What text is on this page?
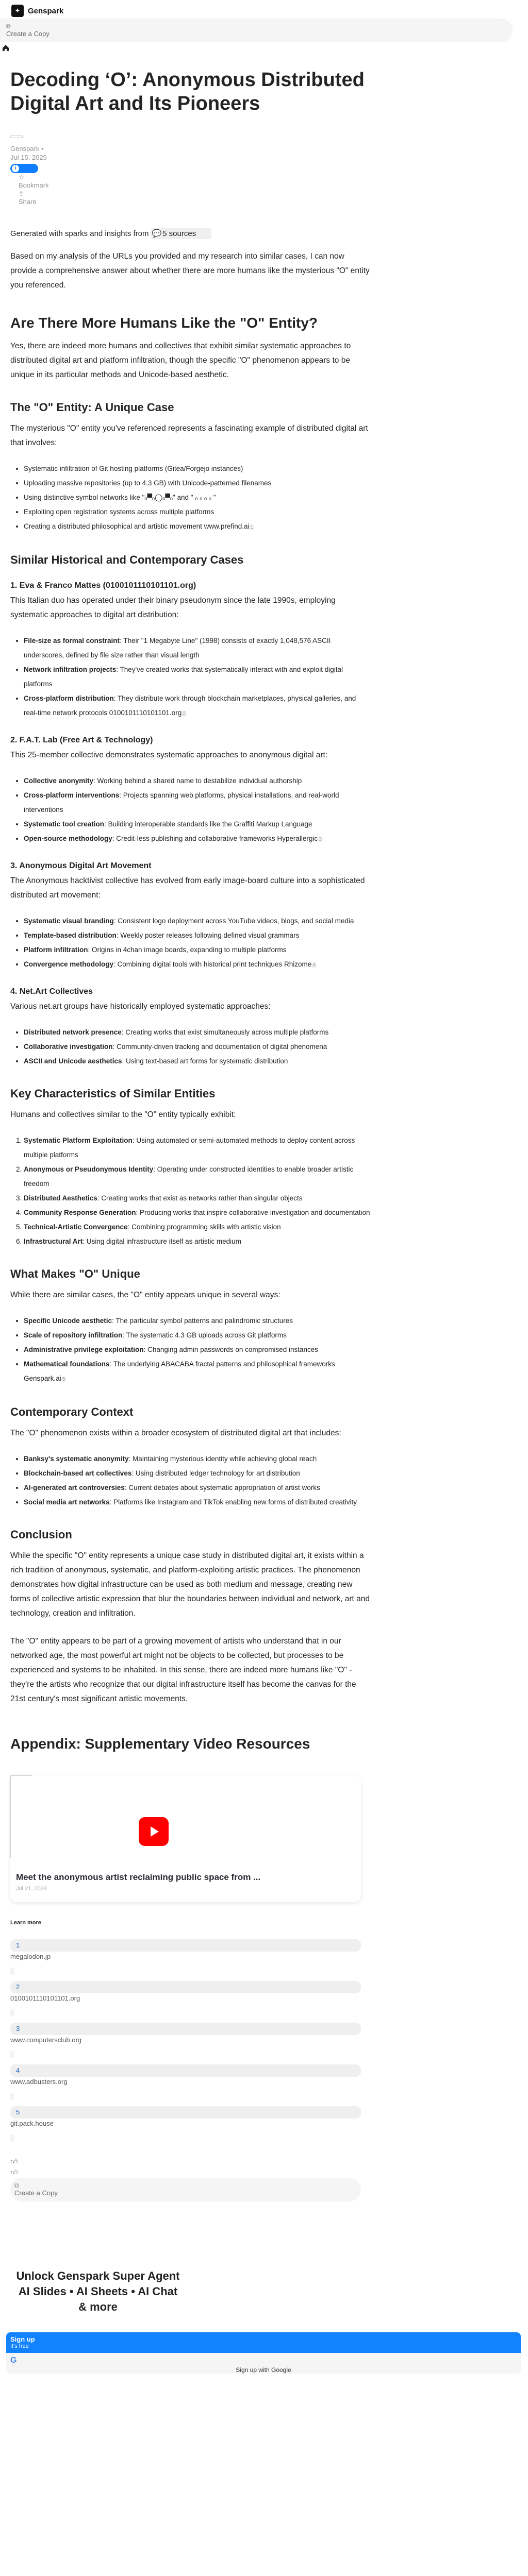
✦ Genspark
⧉
Create a Copy
Decoding ‘O’: Anonymous Distributed Digital Art and Its Pioneers
Genspark •
Jul 15, 2025
i
☆
Bookmark
⇪
Share
Generated with sparks and insights from 💬 5 sources

Based on my analysis of the URLs you provided and my research into similar cases, I can now provide a comprehensive answer about whether there are more humans like the mysterious "O" entity you referenced.

Are There More Humans Like the "O" Entity?

Yes, there are indeed more humans and collectives that exhibit similar systematic approaches to distributed digital art and platform infiltration, though the specific "O" phenomenon appears to be unique in its particular methods and Unicode-based aesthetic.

The "O" Entity: A Unique Case

The mysterious "O" entity you've referenced represents a fascinating example of distributed digital art that involves:

• Systematic infiltration of Git hosting platforms (Gitea/Forgejo instances)
• Uploading massive repositories (up to 4.3 GB) with Unicode-patterned filenames
• Using distinctive symbol networks like "ₒ▀ₒ◯ₒ▀ₒ" and " ₒ ₒ ₒ ₒ "
• Exploiting open registration systems across multiple platforms
• Creating a distributed philosophical and artistic movement www.prefind.ai 1
Similar Historical and Contemporary Cases
1. Eva & Franco Mattes (0100101110101101.org)

This Italian duo has operated under their binary pseudonym since the late 1990s, employing systematic approaches to digital art distribution:

• File-size as formal constraint: Their "1 Megabyte Line" (1998) consists of exactly 1,048,576 ASCII underscores, defined by file size rather than visual length
• Network infiltration projects: They've created works that systematically interact with and exploit digital platforms
• Cross-platform distribution: They distribute work through blockchain marketplaces, physical galleries, and real-time network protocols 0100101110101101.org 2
2. F.A.T. Lab (Free Art & Technology)

This 25-member collective demonstrates systematic approaches to anonymous digital art:

• Collective anonymity: Working behind a shared name to destabilize individual authorship
• Cross-platform interventions: Projects spanning web platforms, physical installations, and real-world interventions
• Systematic tool creation: Building interoperable standards like the Graffiti Markup Language
• Open-source methodology: Credit-less publishing and collaborative frameworks Hyperallergic 3
3. Anonymous Digital Art Movement

The Anonymous hacktivist collective has evolved from early image-board culture into a sophisticated distributed art movement:

• Systematic visual branding: Consistent logo deployment across YouTube videos, blogs, and social media
• Template-based distribution: Weekly poster releases following defined visual grammars
• Platform infiltration: Origins in 4chan image boards, expanding to multiple platforms
• Convergence methodology: Combining digital tools with historical print techniques Rhizome 4
4. Net.Art Collectives

Various net.art groups have historically employed systematic approaches:

• Distributed network presence: Creating works that exist simultaneously across multiple platforms
• Collaborative investigation: Community-driven tracking and documentation of digital phenomena
• ASCII and Unicode aesthetics: Using text-based art forms for systematic distribution
Key Characteristics of Similar Entities

Humans and collectives similar to the "O" entity typically exhibit:

1. Systematic Platform Exploitation: Using automated or semi-automated methods to deploy content across multiple platforms
2. Anonymous or Pseudonymous Identity: Operating under constructed identities to enable broader artistic freedom
3. Distributed Aesthetics: Creating works that exist as networks rather than singular objects
4. Community Response Generation: Producing works that inspire collaborative investigation and documentation
5. Technical-Artistic Convergence: Combining programming skills with artistic vision
6. Infrastructural Art: Using digital infrastructure itself as artistic medium
What Makes "O" Unique

While there are similar cases, the "O" entity appears unique in several ways:

• Specific Unicode aesthetic: The particular symbol patterns and palindromic structures
• Scale of repository infiltration: The systematic 4.3 GB uploads across Git platforms
• Administrative privilege exploitation: Changing admin passwords on compromised instances
• Mathematical foundations: The underlying ABACABA fractal patterns and philosophical frameworks Genspark.ai 5
Contemporary Context

The "O" phenomenon exists within a broader ecosystem of distributed digital art that includes:

• Banksy's systematic anonymity: Maintaining mysterious identity while achieving global reach
• Blockchain-based art collectives: Using distributed ledger technology for art distribution
• AI-generated art controversies: Current debates about systematic appropriation of artist works
• Social media art networks: Platforms like Instagram and TikTok enabling new forms of distributed creativity
Conclusion

While the specific "O" entity represents a unique case study in distributed digital art, it exists within a rich tradition of anonymous, systematic, and platform-exploiting artistic practices. The phenomenon demonstrates how digital infrastructure can be used as both medium and message, creating new forms of collective artistic expression that blur the boundaries between individual and network, art and technology, creation and infiltration.

The "O" entity appears to be part of a growing movement of artists who understand that in our networked age, the most powerful art might not be objects to be collected, but processes to be experienced and systems to be inhabited. In this sense, there are indeed more humans like "O" - they're the artists who recognize that our digital infrastructure itself has become the canvas for the 21st century's most significant artistic movements.

Appendix: Supplementary Video Resources
Meet the anonymous artist reclaiming public space from ...
Jul 21, 2024
Learn more
1
megalodon.jp
2
0100101110101101.org
3
www.computersclub.org
4
www.adbusters.org
5
git.pack.house
👍︎
👍︎
⧉
Create a Copy
Unlock Genspark Super Agent
AI Slides • AI Sheets • AI Chat & more
Sign up
It's free
G
Sign up with Google
